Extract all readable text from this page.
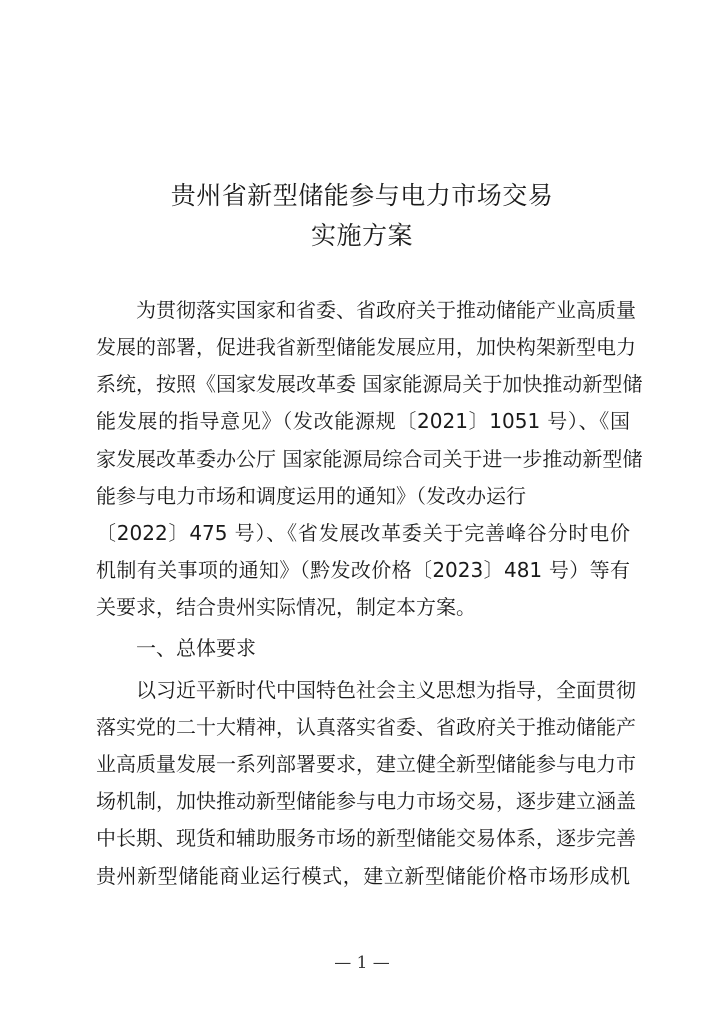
贵州省新型储能参与电力市场交易
实施方案
　　为贯彻落实国家和省委、省政府关于推动储能产业高质量
发展的部署，促进我省新型储能发展应用，加快构架新型电力
系统，按照《国家发展改革委 国家能源局关于加快推动新型储
能发展的指导意见》（发改能源规〔2021〕1051 号）、《国
家发展改革委办公厅 国家能源局综合司关于进一步推动新型储
能参与电力市场和调度运用的通知》（发改办运行
〔2022〕475 号）、《省发展改革委关于完善峰谷分时电价
机制有关事项的通知》（黔发改价格〔2023〕481 号）等有
关要求，结合贵州实际情况，制定本方案。
　　一、总体要求
　　以习近平新时代中国特色社会主义思想为指导，全面贯彻
落实党的二十大精神，认真落实省委、省政府关于推动储能产
业高质量发展一系列部署要求，建立健全新型储能参与电力市
场机制，加快推动新型储能参与电力市场交易，逐步建立涵盖
中长期、现货和辅助服务市场的新型储能交易体系，逐步完善
贵州新型储能商业运行模式，建立新型储能价格市场形成机
— 1 —
